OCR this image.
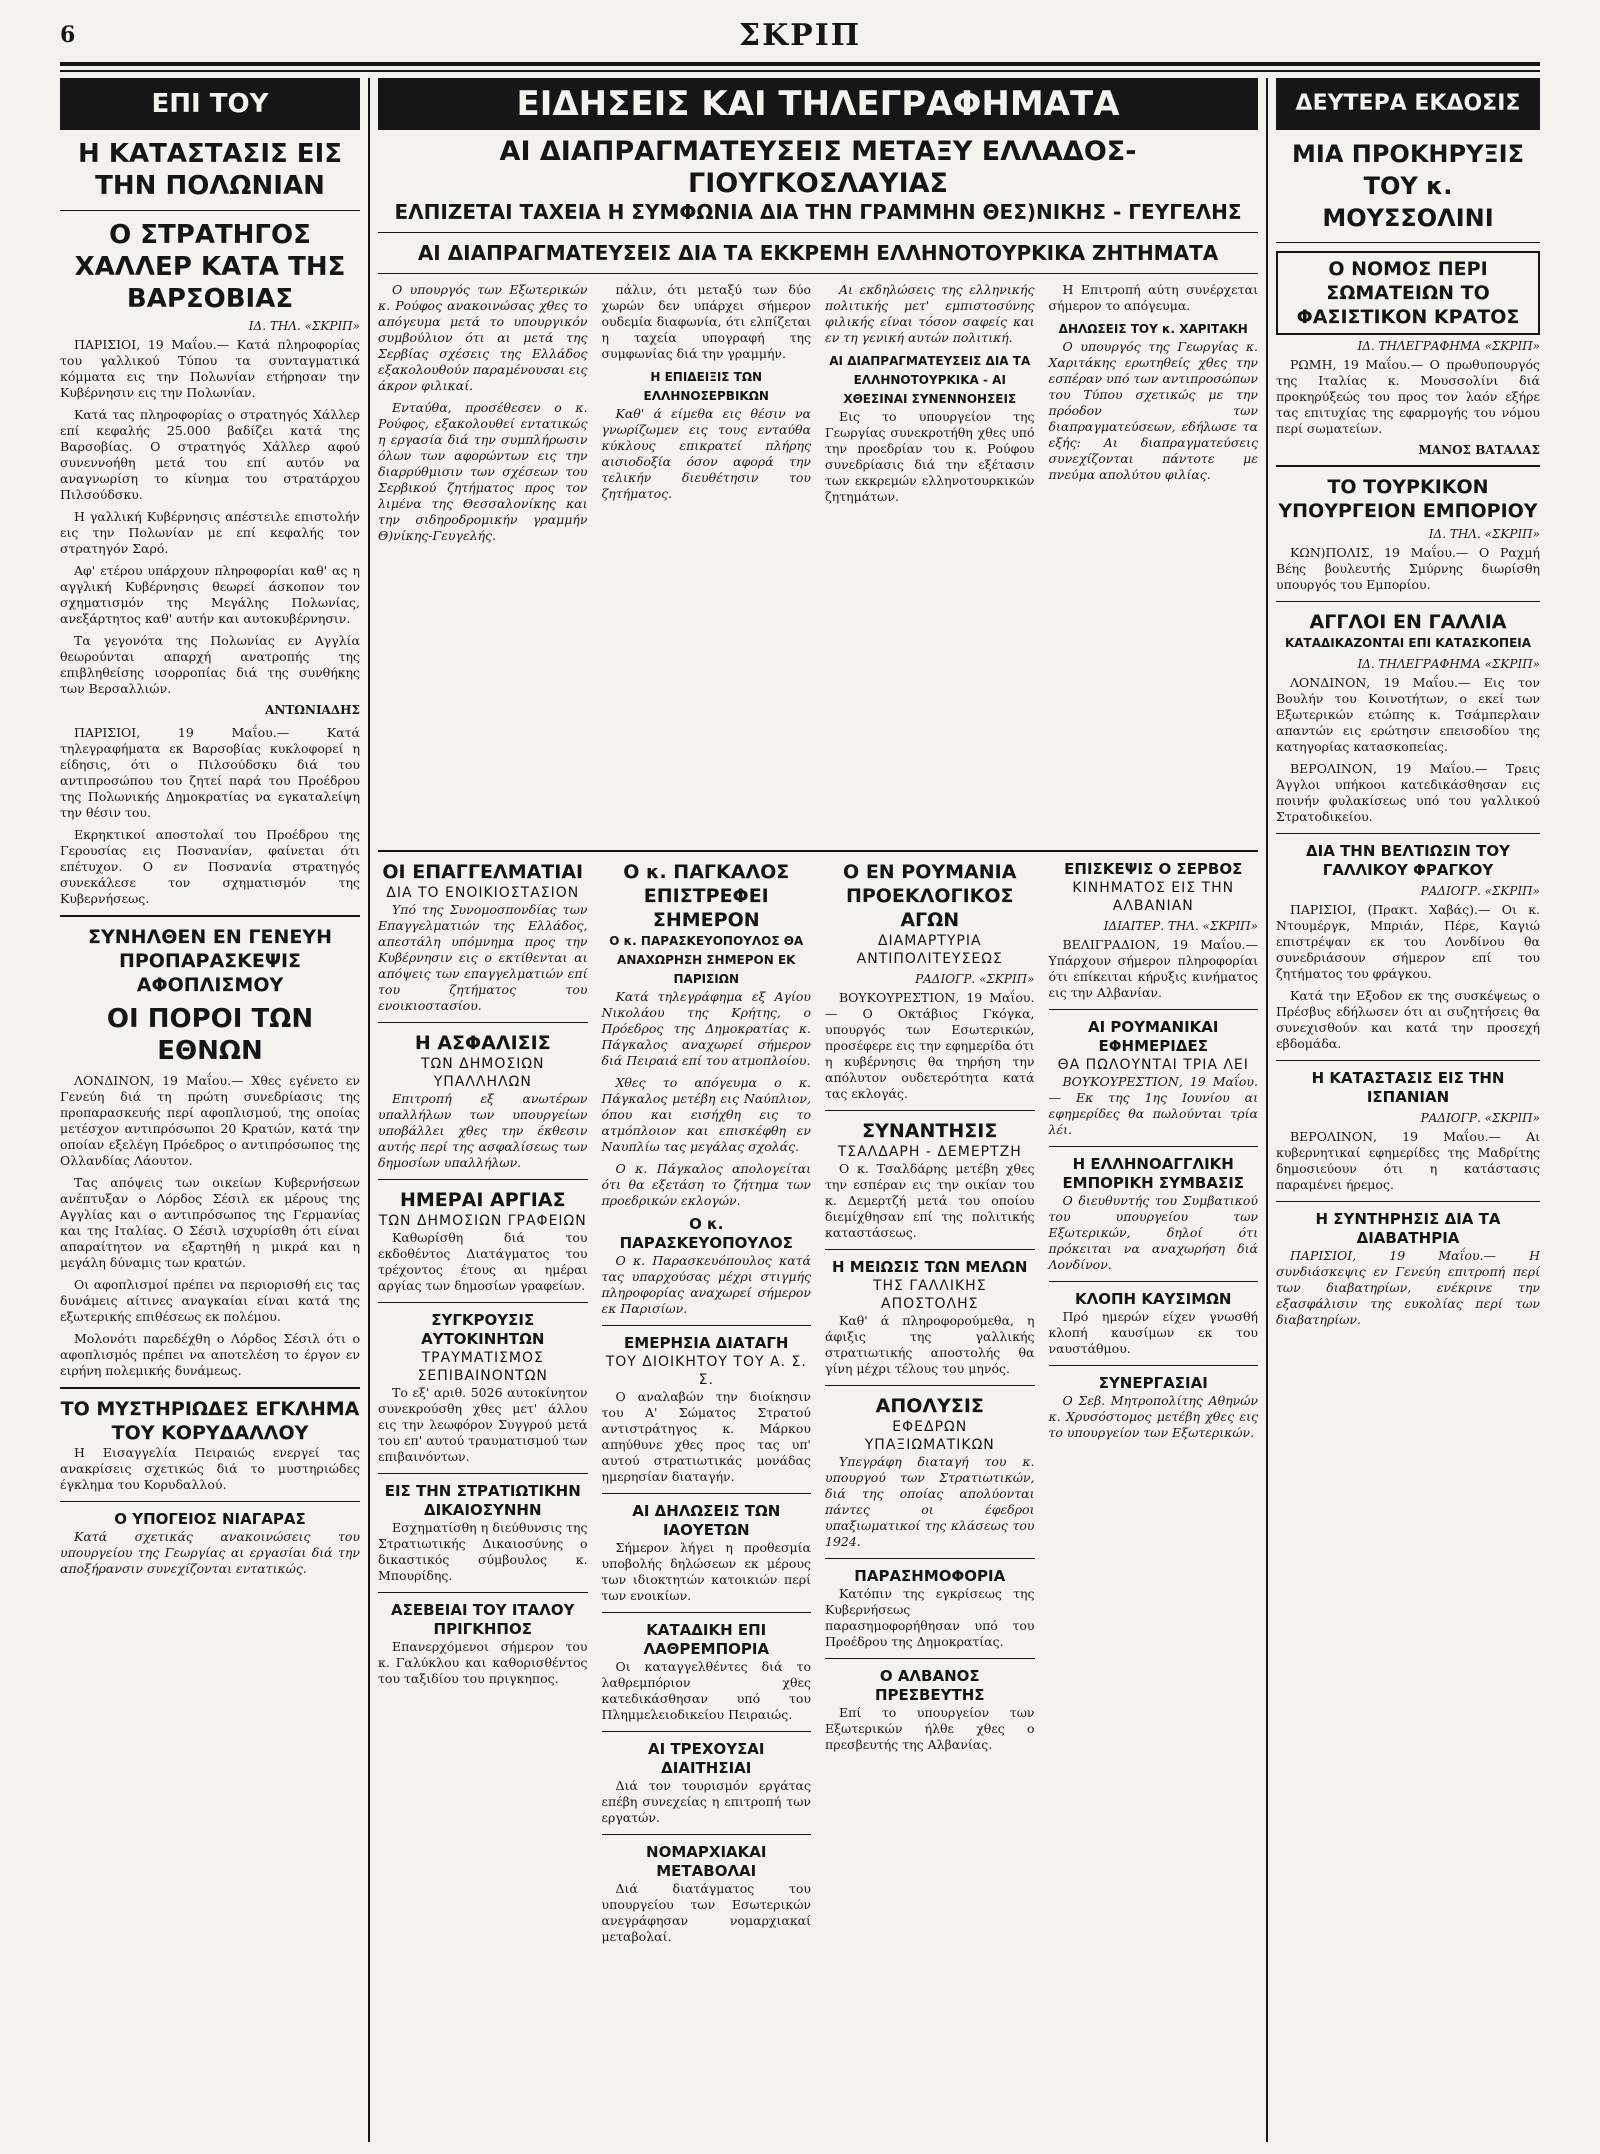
6	ΣΚΡΙΠ
ΕΠΙ ΤΟΥ
Η ΚΑΤΑΣΤΑΣΙΣ ΕΙΣ ΤΗΝ ΠΟΛΩΝΙΑΝ
Ο ΣΤΡΑΤΗΓΟΣ ΧΑΛΛΕΡ ΚΑΤΑ ΤΗΣ ΒΑΡΣΟΒΙΑΣ
ΙΔ. ΤΗΛ. «ΣΚΡΙΠ»

ΠΑΡΙΣΙΟΙ, 19 Μαΐου.— Κατά πληροφορίας του γαλλικού Τύπου τα συνταγματικά κόμματα εις την Πολωνίαν ετήρησαν την Κυβέρνησιν εις την Πολωνίαν.

Κατά τας πληροφορίας ο στρατηγός Χάλλερ επί κεφαλής 25.000 βαδίζει κατά της Βαρσοβίας. Ο στρατηγός Χάλλερ αφού συνεννοήθη μετά του επί αυτόν να αναγνωρίση το κίνημα του στρατάρχου Πιλσούδσκυ.

Η γαλλική Κυβέρνησις απέστειλε επιστολήν εις την Πολωνίαν με επί κεφαλής τον στρατηγόν Σαρό.

Αφ' ετέρου υπάρχουν πληροφορίαι καθ' ας η αγγλική Κυβέρνησις θεωρεί άσκοπον τον σχηματισμόν της Μεγάλης Πολωνίας, ανεξάρτητος καθ' αυτήν και αυτοκυβέρνησιν.

Τα γεγονότα της Πολωνίας εν Αγγλία θεωρούνται απαρχή ανατροπής της επιβληθείσης ισορροπίας διά της συνθήκης των Βερσαλλιών.

ΑΝΤΩΝΙΑΔΗΣ

ΠΑΡΙΣΙΟΙ, 19 Μαΐου.— Κατά τηλεγραφήματα εκ Βαρσοβίας κυκλοφορεί η είδησις, ότι ο Πιλσούδσκυ διά του αντιπροσώπου του ζητεί παρά του Προέδρου της Πολωνικής Δημοκρατίας να εγκαταλείψη την θέσιν του.

Εκρηκτικοί αποστολαί του Προέδρου της Γερουσίας εις Ποσνανίαν, φαίνεται ότι επέτυχον. Ο εν Ποσνανία στρατηγός συνεκάλεσε τον σχηματισμόν της Κυβερνήσεως.

ΣΥΝΗΛΘΕΝ ΕΝ ΓΕΝΕΥΗ ΠΡΟΠΑΡΑΣΚΕΨΙΣ ΑΦΟΠΛΙΣΜΟΥ
ΟΙ ΠΟΡΟΙ ΤΩΝ ΕΘΝΩΝ

ΛΟΝΔΙΝΟΝ, 19 Μαΐου.— Χθες εγένετο εν Γενεύη διά τη πρώτη συνεδρίασις της προπαρασκευής περί αφοπλισμού, της οποίας μετέσχον αντιπρόσωποι 20 Κρατών, κατά την οποίαν εξελέγη Πρόεδρος ο αντιπρόσωπος της Ολλανδίας Λάουτον.

Τας απόψεις των οικείων Κυβερνήσεων ανέπτυξαν ο Λόρδος Σέσιλ εκ μέρους της Αγγλίας και ο αντιπρόσωπος της Γερμανίας και της Ιταλίας. Ο Σέσιλ ισχυρίσθη ότι είναι απαραίτητον να εξαρτηθή η μικρά και η μεγάλη δύναμις των κρατών.

Οι αφοπλισμοί πρέπει να περιορισθή εις τας δυνάμεις αίτινες αναγκαίαι είναι κατά της εξωτερικής επιθέσεως εκ πολέμου.

Μολονότι παρεδέχθη ο Λόρδος Σέσιλ ότι ο αφοπλισμός πρέπει να αποτελέση το έργον εν ειρήνη πολεμικής δυνάμεως.

ΤΟ ΜΥΣΤΗΡΙΩΔΕΣ ΕΓΚΛΗΜΑ ΤΟΥ ΚΟΡΥΔΑΛΛΟΥ

Η Εισαγγελία Πειραιώς ενεργεί τας ανακρίσεις σχετικώς διά το μυστηριώδες έγκλημα του Κορυδαλλού.

Ο ΥΠΟΓΕΙΟΣ ΝΙΑΓΑΡΑΣ

Κατά σχετικάς ανακοινώσεις του υπουργείου της Γεωργίας αι εργασίαι διά την αποξήρανσιν συνεχίζονται εντατικώς.

ΕΙΔΗΣΕΙΣ ΚΑΙ ΤΗΛΕΓΡΑΦΗΜΑΤΑ
ΑΙ ΔΙΑΠΡΑΓΜΑΤΕΥΣΕΙΣ ΜΕΤΑΞΥ ΕΛΛΑΔΟΣ-ΓΙΟΥΓΚΟΣΛΑΥΙΑΣ
ΕΛΠΙΖΕΤΑΙ ΤΑΧΕΙΑ Η ΣΥΜΦΩΝΙΑ ΔΙΑ ΤΗΝ ΓΡΑΜΜΗΝ ΘΕΣ)ΝΙΚΗΣ - ΓΕΥΓΕΛΗΣ
ΑΙ ΔΙΑΠΡΑΓΜΑΤΕΥΣΕΙΣ ΔΙΑ ΤΑ ΕΚΚΡΕΜΗ ΕΛΛΗΝΟΤΟΥΡΚΙΚΑ ΖΗΤΗΜΑΤΑ

Ο υπουργός των Εξωτερικών κ. Ρούφος ανακοινώσας χθες το απόγευμα μετά το υπουργικόν συμβούλιον ότι αι μετά της Σερβίας σχέσεις της Ελλάδος εξακολουθούν παραμένουσαι εις άκρον φιλικαί.

Ενταύθα, προσέθεσεν ο κ. Ρούφος, εξακολουθεί εντατικώς η εργασία διά την συμπλήρωσιν όλων των αφορώντων εις την διαρρύθμισιν των σχέσεων του Σερβικού ζητήματος προς τον λιμένα της Θεσσαλονίκης και την σιδηροδρομικήν γραμμήν Θ)νίκης-Γευγελής.

πάλιν, ότι μεταξύ των δύο χωρών δεν υπάρχει σήμερον ουδεμία διαφωνία, ότι ελπίζεται η ταχεία υπογραφή της συμφωνίας διά την γραμμήν.

Η ΕΠΙΔΕΙΞΙΣ ΤΩΝ ΕΛΛΗΝΟΣΕΡΒΙΚΩΝ

Καθ' ά είμεθα εις θέσιν να γνωρίζωμεν εις τους ενταύθα κύκλους επικρατεί πλήρης αισιοδοξία όσον αφορά την τελικήν διευθέτησιν του ζητήματος.

Αι εκδηλώσεις της ελληνικής πολιτικής μετ' εμπιστοσύνης φιλικής είναι τόσον σαφείς και εν τη γενική αυτών πολιτική.

ΑΙ ΔΙΑΠΡΑΓΜΑΤΕΥΣΕΙΣ ΔΙΑ ΤΑ ΕΛΛΗΝΟΤΟΥΡΚΙΚΑ - ΑΙ ΧΘΕΣΙΝΑΙ ΣΥΝΕΝΝΟΗΣΕΙΣ

Εις το υπουργείον της Γεωργίας συνεκροτήθη χθες υπό την προεδρίαν του κ. Ρούφου συνεδρίασις διά την εξέτασιν των εκκρεμών ελληνοτουρκικών ζητημάτων.

Η Επιτροπή αύτη συνέρχεται σήμερον το απόγευμα.

ΔΗΛΩΣΕΙΣ ΤΟΥ κ. ΧΑΡΙΤΑΚΗ

Ο υπουργός της Γεωργίας κ. Χαριτάκης ερωτηθείς χθες την εσπέραν υπό των αντιπροσώπων του Τύπου σχετικώς με την πρόοδον των διαπραγματεύσεων, εδήλωσε τα εξής: Αι διαπραγματεύσεις συνεχίζονται πάντοτε με πνεύμα απολύτου φιλίας.

ΟΙ ΕΠΑΓΓΕΛΜΑΤΙΑΙ
ΔΙΑ ΤΟ ΕΝΟΙΚΙΟΣΤΑΣΙΟΝ

Υπό της Συνομοσπονδίας των Επαγγελματιών της Ελλάδος, απεστάλη υπόμνημα προς την Κυβέρνησιν εις ο εκτίθενται αι απόψεις των επαγγελματιών επί του ζητήματος του ενοικιοστασίου.

Η ΑΣΦΑΛΙΣΙΣ
ΤΩΝ ΔΗΜΟΣΙΩΝ ΥΠΑΛΛΗΛΩΝ

Επιτροπή εξ ανωτέρων υπαλλήλων των υπουργείων υποβάλλει χθες την έκθεσιν αυτής περί της ασφαλίσεως των δημοσίων υπαλλήλων.

ΗΜΕΡΑΙ ΑΡΓΙΑΣ
ΤΩΝ ΔΗΜΟΣΙΩΝ ΓΡΑΦΕΙΩΝ

Καθωρίσθη διά του εκδοθέντος Διατάγματος του τρέχοντος έτους αι ημέραι αργίας των δημοσίων γραφείων.

ΣΥΓΚΡΟΥΣΙΣ ΑΥΤΟΚΙΝΗΤΩΝ
ΤΡΑΥΜΑΤΙΣΜΟΣ ΣΕΠΙΒΑΙΝΟΝΤΩΝ

Το εξ' αριθ. 5026 αυτοκίνητον συνεκρούσθη χθες μετ' άλλου εις την λεωφόρον Συγγρού μετά του επ' αυτού τραυματισμού των επιβαινόντων.

ΕΙΣ ΤΗΝ ΣΤΡΑΤΙΩΤΙΚΗΝ ΔΙΚΑΙΟΣΥΝΗΝ

Εσχηματίσθη η διεύθυνσις της Στρατιωτικής Δικαιοσύνης ο δικαστικός σύμβουλος κ. Μπουρίδης.

ΑΣΕΒΕΙΑΙ ΤΟΥ ΙΤΑΛΟΥ ΠΡΙΓΚΗΠΟΣ

Επανερχόμενοι σήμερον του κ. Γαλύκλου και καθορισθέντος του ταξιδίου του πριγκηπος.

Ο κ. ΠΑΓΚΑΛΟΣ ΕΠΙΣΤΡΕΦΕΙ ΣΗΜΕΡΟΝ
Ο κ. ΠΑΡΑΣΚΕΥΟΠΟΥΛΟΣ ΘΑ ΑΝΑΧΩΡΗΣΗ ΣΗΜΕΡΟΝ ΕΚ ΠΑΡΙΣΙΩΝ

Κατά τηλεγράφημα εξ Αγίου Νικολάου της Κρήτης, ο Πρόεδρος της Δημοκρατίας κ. Πάγκαλος αναχωρεί σήμερον διά Πειραιά επί του ατμοπλοίου.

Χθες το απόγευμα ο κ. Πάγκαλος μετέβη εις Ναύπλιον, όπου και εισήχθη εις το ατμόπλοιον και επισκέφθη εν Ναυπλίω τας μεγάλας σχολάς.

Ο κ. Πάγκαλος απολογείται ότι θα εξετάση το ζήτημα των προεδρικών εκλογών.

Ο κ. ΠΑΡΑΣΚΕΥΟΠΟΥΛΟΣ

Ο κ. Παρασκευόπουλος κατά τας υπαρχούσας μέχρι στιγμής πληροφορίας αναχωρεί σήμερον εκ Παρισίων.

ΕΜΕΡΗΣΙΑ ΔΙΑΤΑΓΗ
ΤΟΥ ΔΙΟΙΚΗΤΟΥ ΤΟΥ Α. Σ. Σ.

Ο αναλαβών την διοίκησιν του Α' Σώματος Στρατού αντιστράτηγος κ. Μάρκου απηύθυνε χθες προς τας υπ' αυτού στρατιωτικάς μονάδας ημερησίαν διαταγήν.

ΑΙ ΔΗΛΩΣΕΙΣ ΤΩΝ ΙΑΟΥΕΤΩΝ

Σήμερον λήγει η προθεσμία υποβολής δηλώσεων εκ μέρους των ιδιοκτητών κατοικιών περί των ενοικίων.

ΚΑΤΑΔΙΚΗ ΕΠΙ ΛΑΘΡΕΜΠΟΡΙΑ

Οι καταγγελθέντες διά το λαθρεμπόριον χθες κατεδικάσθησαν υπό του Πλημμελειοδικείου Πειραιώς.

ΑΙ ΤΡΕΧΟΥΣΑΙ ΔΙΑΙΤΗΣΙΑΙ

Διά τον τουρισμόν εργάτας επέβη συνεχείας η επιτροπή των εργατών.

ΝΟΜΑΡΧΙΑΚΑΙ ΜΕΤΑΒΟΛΑΙ

Διά διατάγματος του υπουργείου των Εσωτερικών ανεγράφησαν νομαρχιακαί μεταβολαί.

Ο ΕΝ ΡΟΥΜΑΝΙΑ ΠΡΟΕΚΛΟΓΙΚΟΣ ΑΓΩΝ
ΔΙΑΜΑΡΤΥΡΙΑ ΑΝΤΙΠΟΛΙΤΕΥΣΕΩΣ
ΡΑΔΙΟΓΡ. «ΣΚΡΙΠ»

ΒΟΥΚΟΥΡΕΣΤΙΟΝ, 19 Μαΐου.— Ο Οκτάβιος Γκόγκα, υπουργός των Εσωτερικών, προσέφερε εις την εφημερίδα ότι η κυβέρνησις θα τηρήση την απόλυτον ουδετερότητα κατά τας εκλογάς.

ΣΥΝΑΝΤΗΣΙΣ
ΤΣΑΛΔΑΡΗ - ΔΕΜΕΡΤΖΗ

Ο κ. Τσαλδάρης μετέβη χθες την εσπέραν εις την οικίαν του κ. Δεμερτζή μετά του οποίου διεμίχθησαν επί της πολιτικής καταστάσεως.

Η ΜΕΙΩΣΙΣ ΤΩΝ ΜΕΛΩΝ
ΤΗΣ ΓΑΛΛΙΚΗΣ ΑΠΟΣΤΟΛΗΣ

Καθ' ά πληροφορούμεθα, η άφιξις της γαλλικής στρατιωτικής αποστολής θα γίνη μέχρι τέλους του μηνός.

ΑΠΟΛΥΣΙΣ
ΕΦΕΔΡΩΝ ΥΠΑΞΙΩΜΑΤΙΚΩΝ

Υπεγράφη διαταγή του κ. υπουργού των Στρατιωτικών, διά της οποίας απολύονται πάντες οι έφεδροι υπαξιωματικοί της κλάσεως του 1924.

ΠΑΡΑΣΗΜΟΦΟΡΙΑ

Κατόπιν της εγκρίσεως της Κυβερνήσεως παρασημοφορήθησαν υπό του Προέδρου της Δημοκρατίας.

Ο ΑΛΒΑΝΟΣ ΠΡΕΣΒΕΥΤΗΣ

Επί το υπουργείον των Εξωτερικών ήλθε χθες ο πρεσβευτής της Αλβανίας.

ΕΠΙΣΚΕΨΙΣ Ο ΣΕΡΒΟΣ
ΚΙΝΗΜΑΤΟΣ ΕΙΣ ΤΗΝ ΑΛΒΑΝΙΑΝ
ΙΔΙΑΙΤΕΡ. ΤΗΛ. «ΣΚΡΙΠ»

ΒΕΛΙΓΡΑΔΙΟΝ, 19 Μαΐου.— Υπάρχουν σήμερον πληροφορίαι ότι επίκειται κήρυξις κινήματος εις την Αλβανίαν.

ΑΙ ΡΟΥΜΑΝΙΚΑΙ ΕΦΗΜΕΡΙΔΕΣ
ΘΑ ΠΩΛΟΥΝΤΑΙ ΤΡΙΑ ΛΕΙ

ΒΟΥΚΟΥΡΕΣΤΙΟΝ, 19 Μαΐου.— Εκ της 1ης Ιουνίου αι εφημερίδες θα πωλούνται τρία λέι.

Η ΕΛΛΗΝΟΑΓΓΛΙΚΗ ΕΜΠΟΡΙΚΗ ΣΥΜΒΑΣΙΣ

Ο διευθυντής του Συμβατικού του υπουργείου των Εξωτερικών, δηλοί ότι πρόκειται να αναχωρήση διά Λονδίνον.

ΚΛΟΠΗ ΚΑΥΣΙΜΩΝ

Πρό ημερών είχεν γνωσθή κλοπή καυσίμων εκ του ναυστάθμου.

ΣΥΝΕΡΓΑΣΙΑΙ

Ο Σεβ. Μητροπολίτης Αθηνών κ. Χρυσόστομος μετέβη χθες εις το υπουργείον των Εξωτερικών.

ΔΕΥΤΕΡΑ ΕΚΔΟΣΙΣ
ΜΙΑ ΠΡΟΚΗΡΥΞΙΣ ΤΟΥ κ. ΜΟΥΣΣΟΛΙΝΙ
Ο ΝΟΜΟΣ ΠΕΡΙ ΣΩΜΑΤΕΙΩΝ ΤΟ ΦΑΣΙΣΤΙΚΟΝ ΚΡΑΤΟΣ
ΙΔ. ΤΗΛΕΓΡΑΦΗΜΑ «ΣΚΡΙΠ»

ΡΩΜΗ, 19 Μαΐου.— Ο πρωθυπουργός της Ιταλίας κ. Μουσσολίνι διά προκηρύξεώς του προς τον λαόν εξήρε τας επιτυχίας της εφαρμογής του νόμου περί σωματείων.

ΜΑΝΟΣ ΒΑΤΑΛΑΣ
ΤΟ ΤΟΥΡΚΙΚΟΝ ΥΠΟΥΡΓΕΙΟΝ ΕΜΠΟΡΙΟΥ
ΙΔ. ΤΗΛ. «ΣΚΡΙΠ»

ΚΩΝ)ΠΟΛΙΣ, 19 Μαΐου.— Ο Ραχμή Βέης βουλευτής Σμύρνης διωρίσθη υπουργός του Εμπορίου.

ΑΓΓΛΟΙ ΕΝ ΓΑΛΛΙΑ
ΚΑΤΑΔΙΚΑΖΟΝΤΑΙ ΕΠΙ ΚΑΤΑΣΚΟΠΕΙΑ
ΙΔ. ΤΗΛΕΓΡΑΦΗΜΑ «ΣΚΡΙΠ»

ΛΟΝΔΙΝΟΝ, 19 Μαΐου.— Εις τον Βουλήν του Κοινοτήτων, ο εκεί των Εξωτερικών ετώπης κ. Τσάμπερλαιν απαντών εις ερώτησιν επεισοδίου της κατηγορίας κατασκοπείας.

ΒΕΡΟΛΙΝΟΝ, 19 Μαΐου.— Τρεις Άγγλοι υπήκοοι κατεδικάσθησαν εις ποινήν φυλακίσεως υπό του γαλλικού Στρατοδικείου.

ΔΙΑ ΤΗΝ ΒΕΛΤΙΩΣΙΝ ΤΟΥ ΓΑΛΛΙΚΟΥ ΦΡΑΓΚΟΥ
ΡΑΔΙΟΓΡ. «ΣΚΡΙΠ»

ΠΑΡΙΣΙΟΙ, (Πρακτ. Χαβάς).— Οι κ. Ντουμέργκ, Μπριάν, Πέρε, Καγιώ επιστρέψαν εκ του Λονδίνου θα συνεδριάσουν σήμερον επί του ζητήματος του φράγκου.

Κατά την Εξοδον εκ της συσκέψεως ο Πρέσβυς εδήλωσεν ότι αι συζητήσεις θα συνεχισθούν και κατά την προσεχή εβδομάδα.

Η ΚΑΤΑΣΤΑΣΙΣ ΕΙΣ ΤΗΝ ΙΣΠΑΝΙΑΝ
ΡΑΔΙΟΓΡ. «ΣΚΡΙΠ»

ΒΕΡΟΛΙΝΟΝ, 19 Μαΐου.— Αι κυβερνητικαί εφημερίδες της Μαδρίτης δημοσιεύουν ότι η κατάστασις παραμένει ήρεμος.

Η ΣΥΝΤΗΡΗΣΙΣ ΔΙΑ ΤΑ ΔΙΑΒΑΤΗΡΙΑ

ΠΑΡΙΣΙΟΙ, 19 Μαΐου.— Η συνδιάσκεψις εν Γενεύη επιτροπή περί των διαβατηρίων, ενέκρινε την εξασφάλισιν της ευκολίας περί των διαβατηρίων.
